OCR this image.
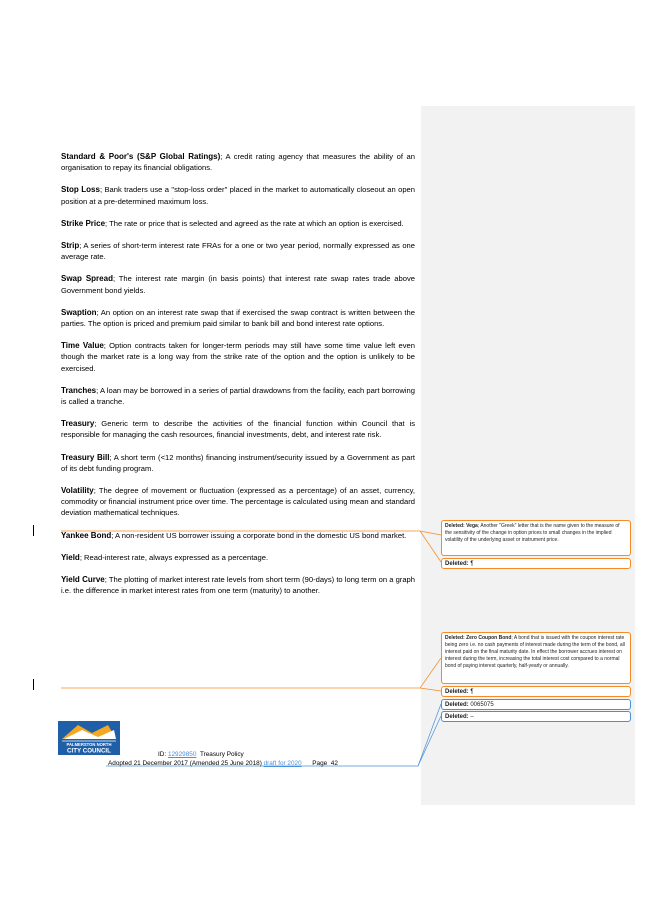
Standard & Poor's (S&P Global Ratings); A credit rating agency that measures the ability of an organisation to repay its financial obligations.

Stop Loss; Bank traders use a "stop-loss order" placed in the market to automatically closeout an open position at a pre-determined maximum loss.

Strike Price; The rate or price that is selected and agreed as the rate at which an option is exercised.

Strip; A series of short-term interest rate FRAs for a one or two year period, normally expressed as one average rate.

Swap Spread; The interest rate margin (in basis points) that interest rate swap rates trade above Government bond yields.

Swaption; An option on an interest rate swap that if exercised the swap contract is written between the parties. The option is priced and premium paid similar to bank bill and bond interest rate options.

Time Value; Option contracts taken for longer-term periods may still have some time value left even though the market rate is a long way from the strike rate of the option and the option is unlikely to be exercised.

Tranches; A loan may be borrowed in a series of partial drawdowns from the facility, each part borrowing is called a tranche.

Treasury; Generic term to describe the activities of the financial function within Council that is responsible for managing the cash resources, financial investments, debt, and interest rate risk.

Treasury Bill; A short term (<12 months) financing instrument/security issued by a Government as part of its debt funding program.

Volatility; The degree of movement or fluctuation (expressed as a percentage) of an asset, currency, commodity or financial instrument price over time. The percentage is calculated using mean and standard deviation mathematical techniques.

Yankee Bond; A non-resident US borrower issuing a corporate bond in the domestic US bond market.

Yield; Read-interest rate, always expressed as a percentage.

Yield Curve; The plotting of market interest rate levels from short term (90-days) to long term on a graph i.e. the difference in market interest rates from one term (maturity) to another.

Deleted: Vega; Another "Greek" letter that is the name given to the measure of the sensitivity of the change in option prices to small changes in the implied volatility of the underlying asset or instrument price.
Deleted: ¶
Deleted: Zero Coupon Bond; A bond that is issued with the coupon interest rate being zero i.e. no cash payments of interest made during the term of the bond, all interest paid on the final maturity date. In effect the borrower accrues interest on interest during the term, increasing the total interest cost compared to a normal bond of paying interest quarterly, half-yearly or annually.
Deleted: ¶
Deleted: 0065075
Deleted: –
PALMERSTON NORTH
CITY COUNCIL	ID: 12929850 Treasury Policy
Adopted 21 December 2017 (Amended 25 June 2018) draft for 2020 Page 42
